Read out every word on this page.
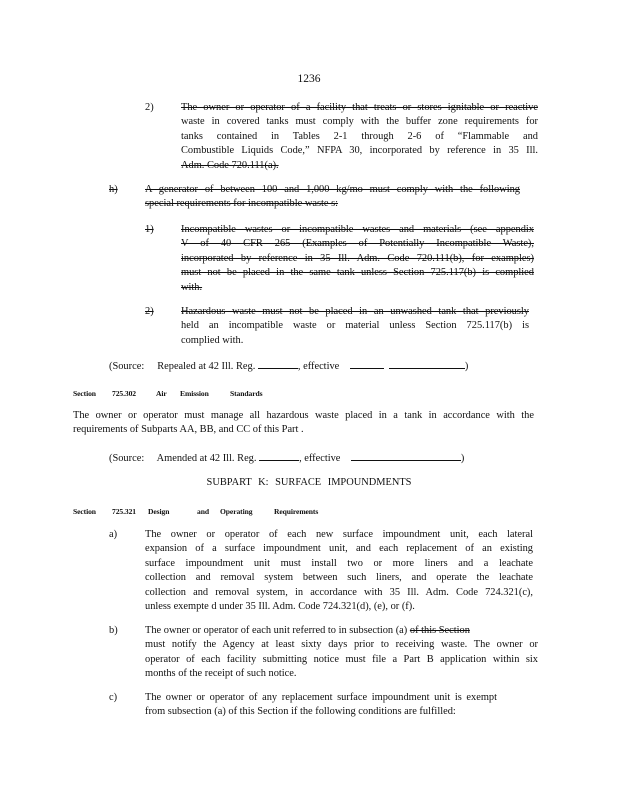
1236
2)	The owner or operator of a facility that treats or stores ignitable or reactive
waste in covered tanks must comply with the buffer zone requirements for
tanks contained in Tables 2-1 through 2-6 of “Flammable and
Combustible Liquids Code,” NFPA 30, incorporated by reference in 35 Ill.
Adm. Code 720.111(a).
h)	A generator of between 100 and 1,000 kg/mo must comply with the following
special requirements for incompatible waste s:
1)	Incompatible wastes or incompatible wastes and materials (see appendix
V of 40 CFR 265 (Examples of Potentially Incompatible Waste),
incorporated by reference in 35 Ill. Adm. Code 720.111(b), for examples)
must not be placed in the same tank unless Section 725.117(b) is complied
with.
2)	Hazardous waste must not be placed in an unwashed tank that previously
held an incompatible waste or material unless Section 725.117(b) is
complied with.
(Source: Repealed at 42 Ill. Reg.	, effective	)
Section 725.302	Air Emission	Standards
The owner or operator must manage all hazardous waste placed in a tank in accordance with the
requirements of Subparts AA, BB, and CC of this Part .
(Source: Amended at 42 Ill. Reg.	, effective	)
SUBPART K: SURFACE IMPOUNDMENTS
Section 725.321 Design	and Operating	Requirements
a)	The owner or operator of each new surface impoundment unit, each lateral
expansion of a surface impoundment unit, and each replacement of an existing
surface impoundment unit must install two or more liners and a leachate
collection and removal system between such liners, and operate the leachate
collection and removal system, in accordance with 35 Ill. Adm. Code 724.321(c),
unless exempte d under 35 Ill. Adm. Code 724.321(d), (e), or (f).
b)	The owner or operator of each unit referred to in subsection (a) of this Section
must notify the Agency at least sixty days prior to receiving waste. The owner or
operator of each facility submitting notice must file a Part B application within six
months of the receipt of such notice.
c)	The owner or operator of any replacement surface impoundment unit is exempt
from subsection (a) of this Section if the following conditions are fulfilled:
